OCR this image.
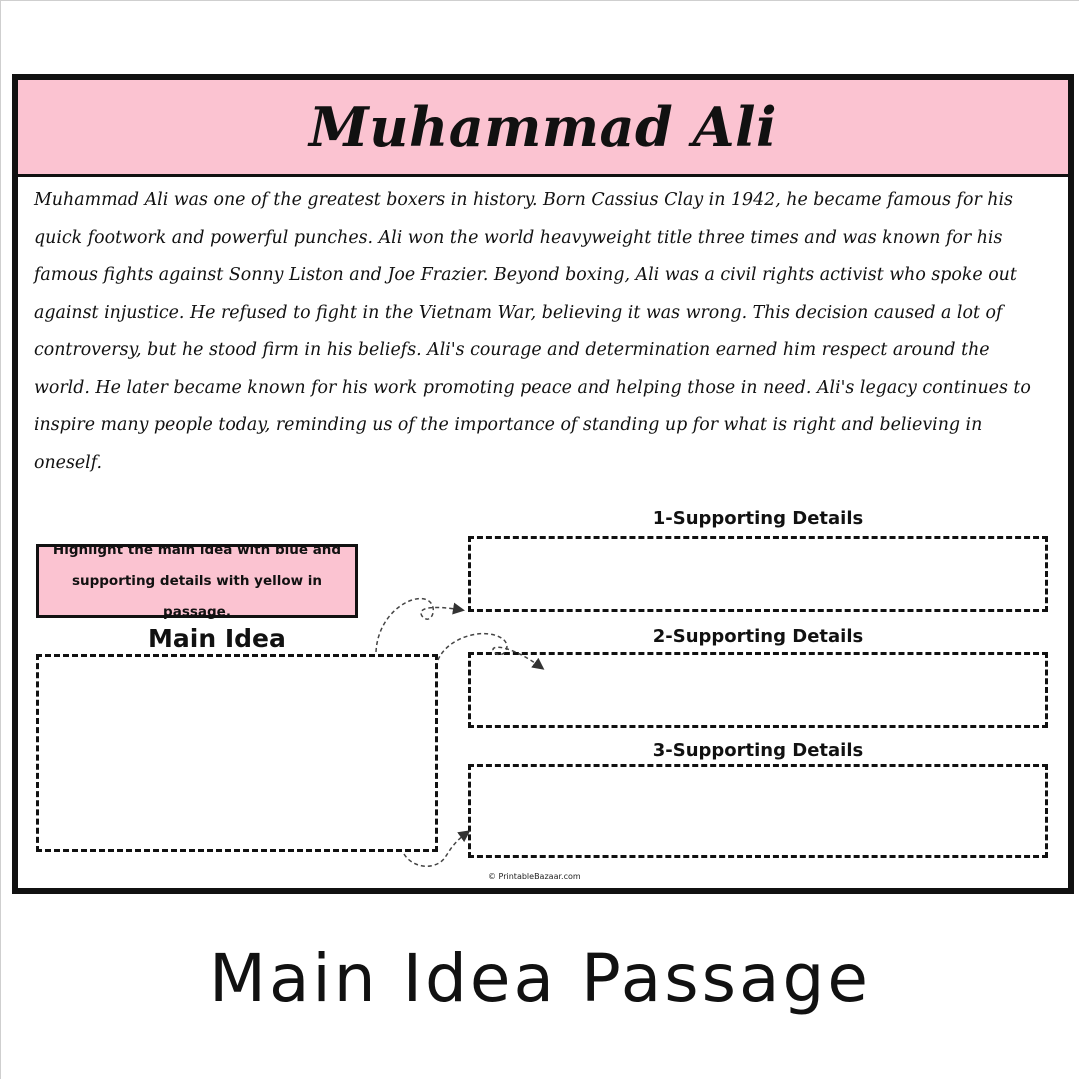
Muhammad Ali

Muhammad Ali was one of the greatest boxers in history. Born Cassius Clay in 1942, he became famous for his quick footwork and powerful punches. Ali won the world heavyweight title three times and was known for his famous fights against Sonny Liston and Joe Frazier. Beyond boxing, Ali was a civil rights activist who spoke out against injustice. He refused to fight in the Vietnam War, believing it was wrong. This decision caused a lot of controversy, but he stood firm in his beliefs. Ali's courage and determination earned him respect around the world. He later became known for his work promoting peace and helping those in need. Ali's legacy continues to inspire many people today, reminding us of the importance of standing up for what is right and believing in oneself.

Highlight the main idea with blue and supporting details with yellow in passage.
Main Idea
1-Supporting Details
2-Supporting Details
3-Supporting Details
© PrintableBazaar.com
Main Idea Passage
